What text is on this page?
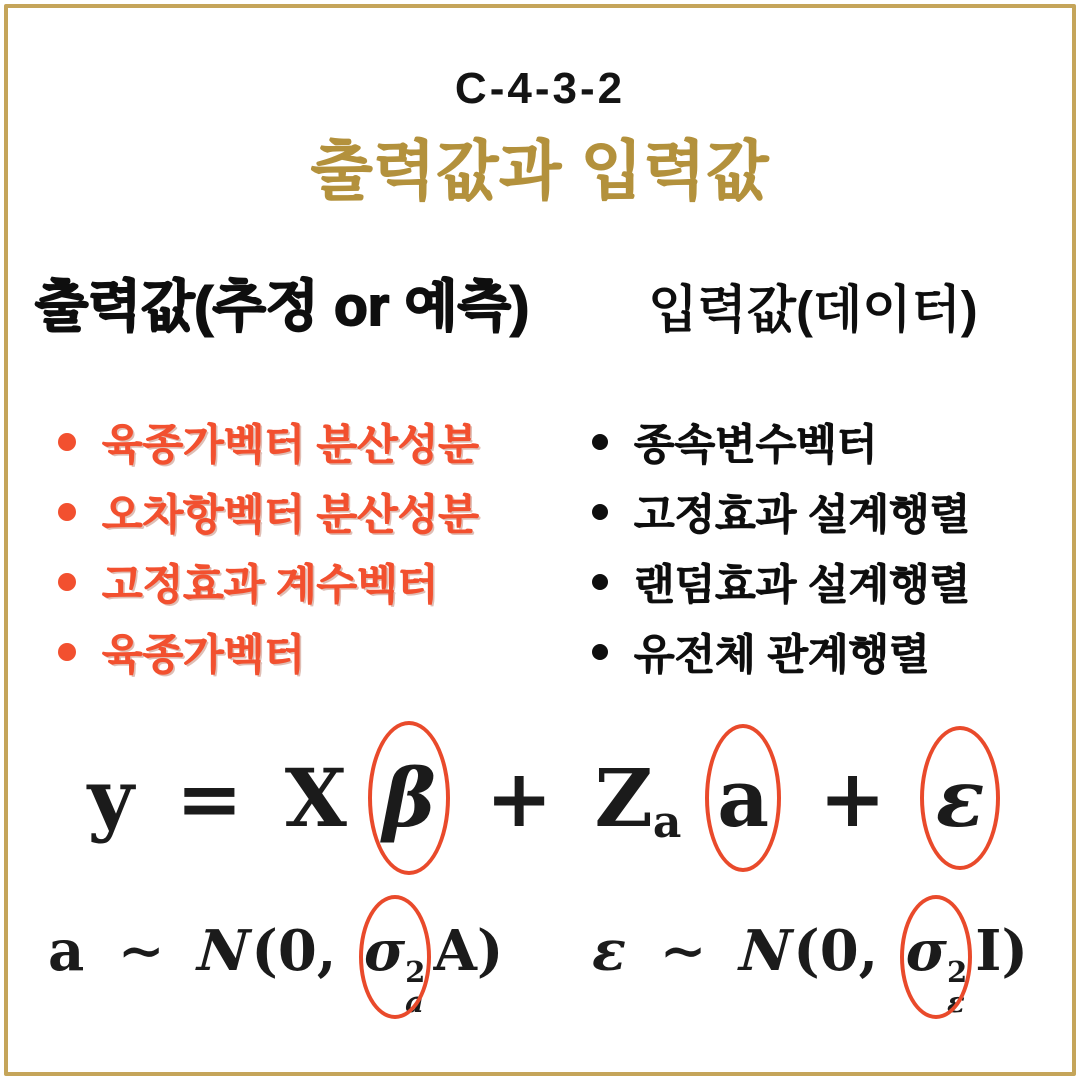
C-4-3-2
출력값과 입력값
출력값(추정 or 예측)	입력값(데이터)
육종가벡터 분산성분
오차항벡터 분산성분
고정효과 계수벡터
육종가벡터
종속변수벡터
고정효과 설계행렬
랜덤효과 설계행렬
유전체 관계행렬
y = X β + Za a + ε
a ∼ N(0, σ 2
a
A)	ε ∼ N(0, σ 2
ε
I)
